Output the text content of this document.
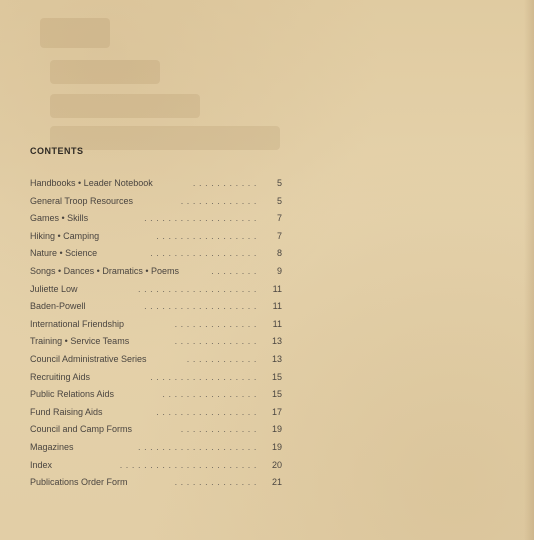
CONTENTS
Handbooks • Leader Notebook	...........	5
General Troop Resources	.............	5
Games • Skills	...................	7
Hiking • Camping	.................	7
Nature • Science	..................	8
Songs • Dances • Dramatics • Poems	........	9
Juliette Low	....................	11
Baden-Powell	...................	11
International Friendship	..............	11
Training • Service Teams	..............	13
Council Administrative Series	............	13
Recruiting Aids	..................	15
Public Relations Aids	................	15
Fund Raising Aids	.................	17
Council and Camp Forms	.............	19
Magazines	....................	19
Index	.......................	20
Publications Order Form	..............	21
